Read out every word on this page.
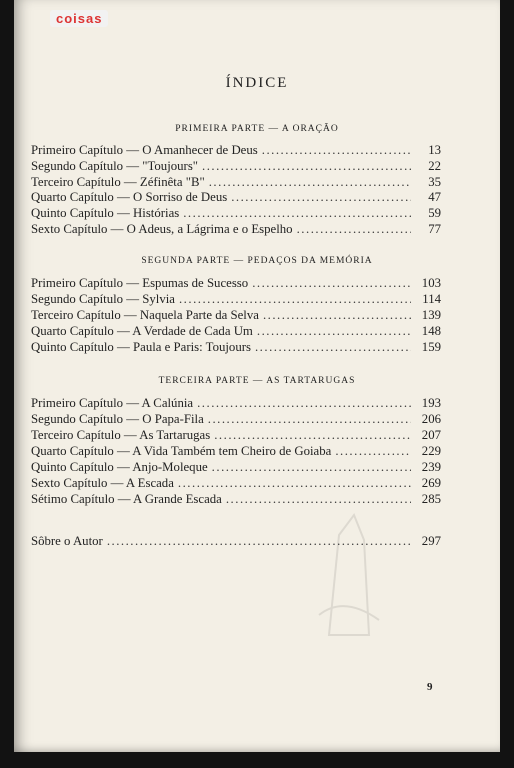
coisas
ÍNDICE
PRIMEIRA PARTE — A ORAÇÃO
Primeiro Capítulo — O Amanhecer de Deus .....	13
Segundo Capítulo — "Toujours" .....	22
Terceiro Capítulo — Zéfinêta "B" .....	35
Quarto Capítulo — O Sorriso de Deus .....	47
Quinto Capítulo — Histórias .....	59
Sexto Capítulo — O Adeus, a Lágrima e o Espelho .....	77
SEGUNDA PARTE — PEDAÇOS DA MEMÓRIA
Primeiro Capítulo — Espumas de Sucesso .....	103
Segundo Capítulo — Sylvia .....	114
Terceiro Capítulo — Naquela Parte da Selva .....	139
Quarto Capítulo — A Verdade de Cada Um .....	148
Quinto Capítulo — Paula e Paris: Toujours .....	159
TERCEIRA PARTE — AS TARTARUGAS
Primeiro Capítulo — A Calúnia .....	193
Segundo Capítulo — O Papa-Fila .....	206
Terceiro Capítulo — As Tartarugas .....	207
Quarto Capítulo — A Vida Também tem Cheiro de Goiaba .....	229
Quinto Capítulo — Anjo-Moleque .....	239
Sexto Capítulo — A Escada .....	269
Sétimo Capítulo — A Grande Escada .....	285
Sôbre o Autor .....	297
9
